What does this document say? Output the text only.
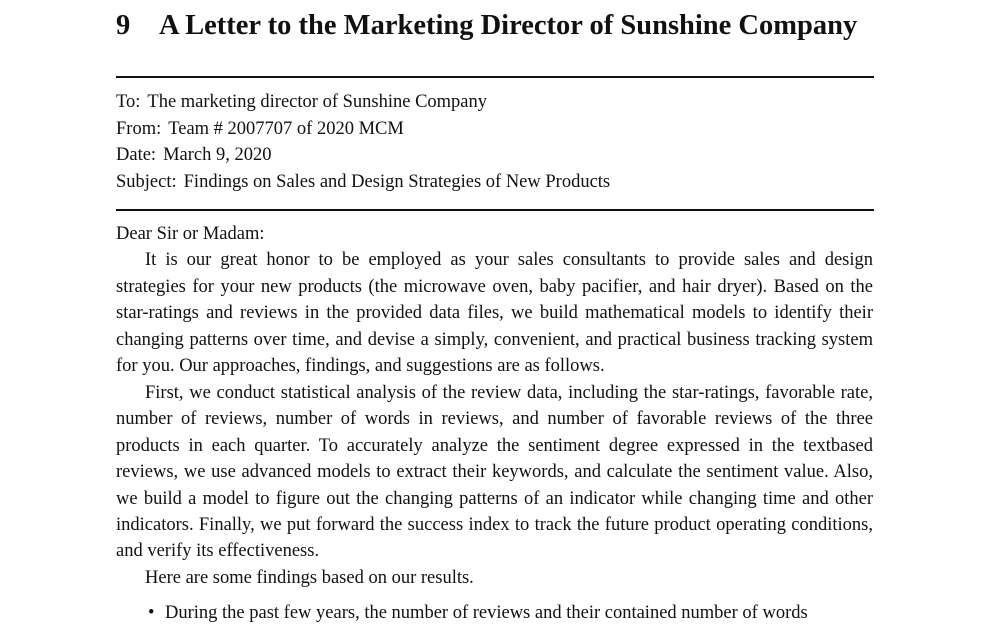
9 A Letter to the Marketing Director of Sunshine Company
To: The marketing director of Sunshine Company
From: Team # 2007707 of 2020 MCM
Date: March 9, 2020
Subject: Findings on Sales and Design Strategies of New Products

Dear Sir or Madam:

It is our great honor to be employed as your sales consultants to provide sales and design strategies for your new products (the microwave oven, baby pacifier, and hair dryer). Based on the star-ratings and reviews in the provided data files, we build mathematical models to identify their changing patterns over time, and devise a simply, convenient, and practical business tracking system for you. Our approaches, findings, and suggestions are as follows.

First, we conduct statistical analysis of the review data, including the star-ratings, favorable rate, number of reviews, number of words in reviews, and number of favorable reviews of the three products in each quarter. To accurately analyze the sentiment degree expressed in the textbased reviews, we use advanced models to extract their keywords, and calculate the sentiment value. Also, we build a model to figure out the changing patterns of an indicator while changing time and other indicators. Finally, we put forward the success index to track the future product operating conditions, and verify its effectiveness.

Here are some findings based on our results.

• During the past few years, the number of reviews and their contained number of words
